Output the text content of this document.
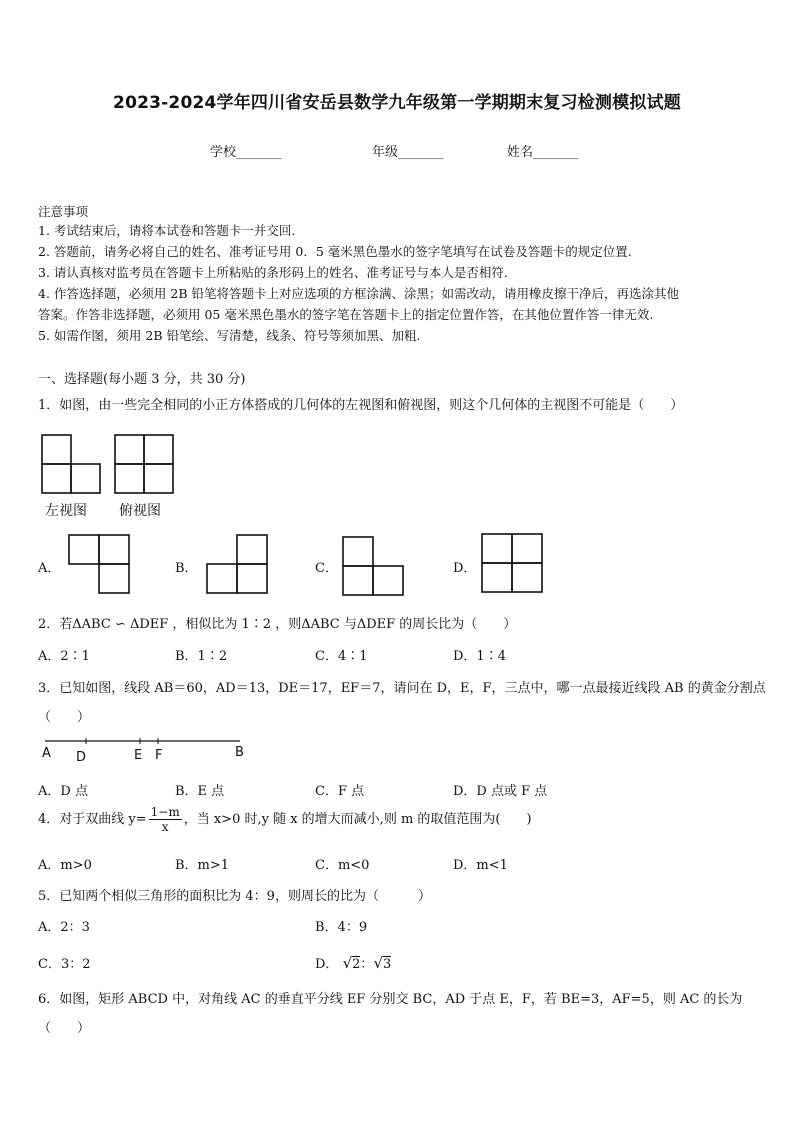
2023-2024学年四川省安岳县数学九年级第一学期期末复习检测模拟试题
学校_______	年级_______	姓名_______
注意事项
1. 考试结束后，请将本试卷和答题卡一并交回.
2. 答题前，请务必将自己的姓名、准考证号用 0．5 毫米黑色墨水的签字笔填写在试卷及答题卡的规定位置.
3. 请认真核对监考员在答题卡上所粘贴的条形码上的姓名、准考证号与本人是否相符.
4. 作答选择题，必须用 2B 铅笔将答题卡上对应选项的方框涂满、涂黑；如需改动，请用橡皮擦干净后，再选涂其他
答案。作答非选择题，必须用 05 毫米黑色墨水的签字笔在答题卡上的指定位置作答，在其他位置作答一律无效.
5. 如需作图，须用 2B 铅笔绘、写清楚，线条、符号等须加黑、加粗.
一、选择题(每小题 3 分，共 30 分)
1．如图，由一些完全相同的小正方体搭成的几何体的左视图和俯视图，则这个几何体的主视图不可能是（　　）
左视图 俯视图
A．	B．	C．	D．
2．若ΔABC ∽ ΔDEF ，相似比为 1∶2 ，则ΔABC 与ΔDEF 的周长比为（　　）
A．2∶1	B．1∶2	C．4∶1	D．1∶4
3．已知如图，线段 AB＝60，AD＝13，DE＝17，EF＝7，请问在 D，E，F，三点中，哪一点最接近线段 AB 的黄金分割点
（　　）
A D	E F	B
A．D 点	B．E 点	C．F 点	D．D 点或 F 点
4．对于双曲线 $y= \frac{1-m}{x}$ ，当 x>0 时,y 随 x 的增大而减小,则 m 的取值范围为(　　)
A．m>0	B．m>1	C．m<0	D．m<1
5．已知两个相似三角形的面积比为 4：9，则周长的比为（　　　）
A．2：3	B．4：9
C．3：2	D． √2：√3
6．如图，矩形 ABCD 中，对角线 AC 的垂直平分线 EF 分别交 BC，AD 于点 E，F，若 BE=3，AF=5，则 AC 的长为
（　　）
